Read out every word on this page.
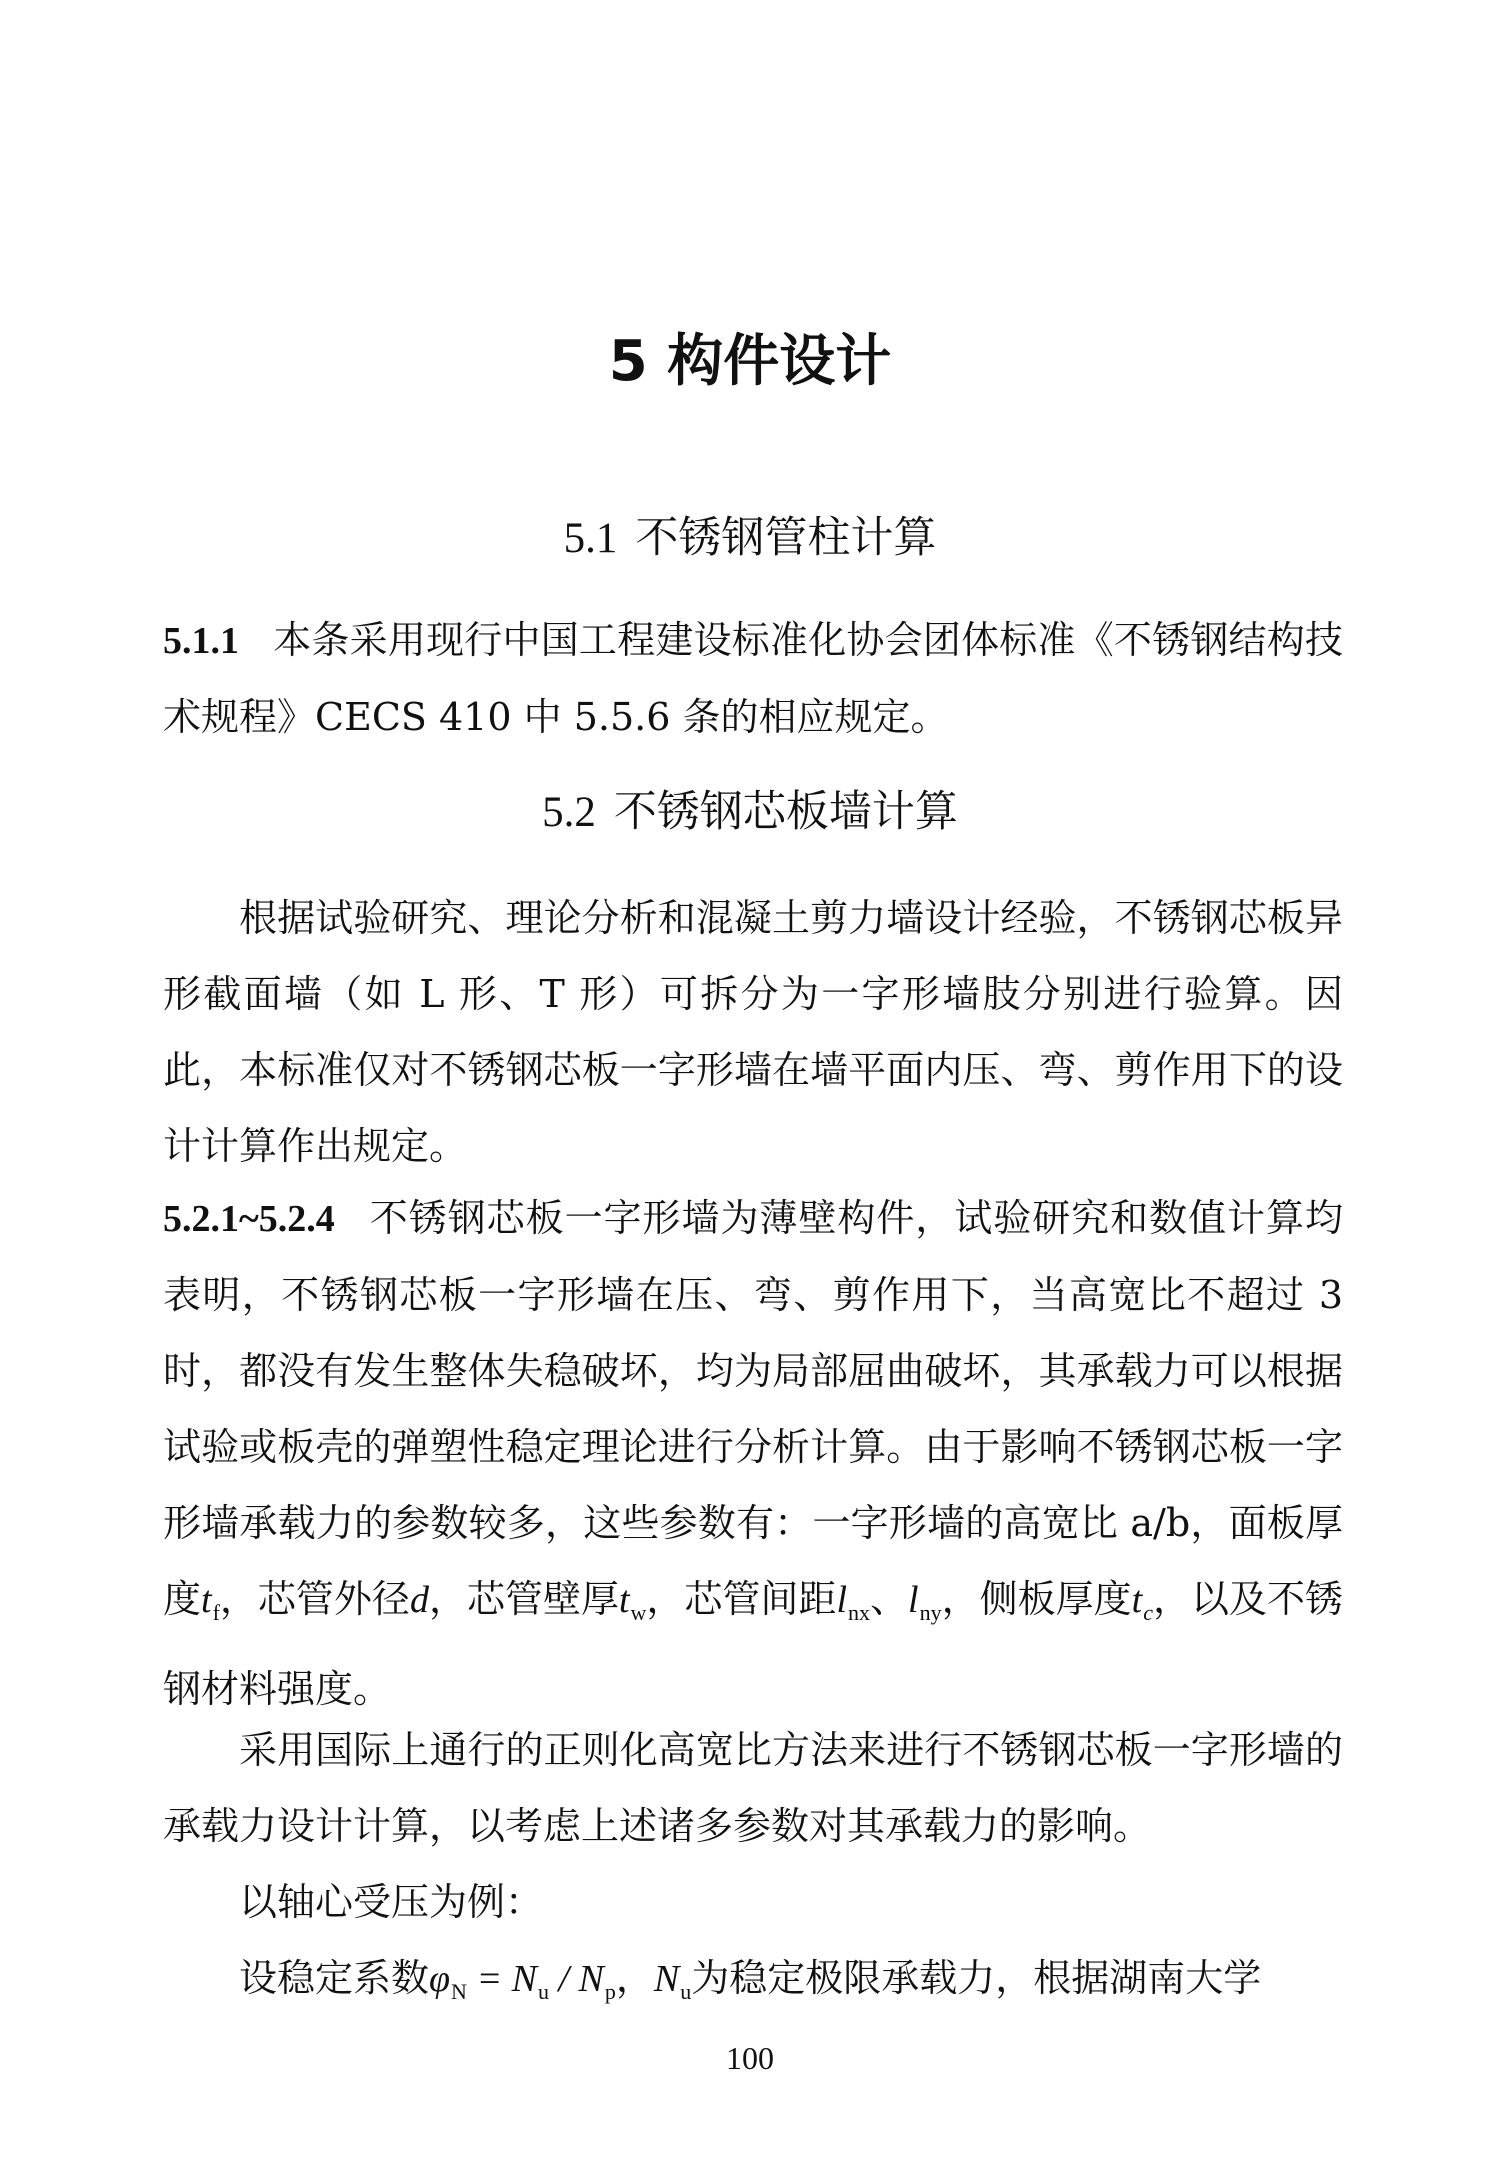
5 构件设计
5.1 不锈钢管柱计算

5.1.1 本条采用现行中国工程建设标准化协会团体标准《不锈钢结构技术规程》CECS 410 中 5.5.6 条的相应规定。

5.2 不锈钢芯板墙计算

根据试验研究、理论分析和混凝土剪力墙设计经验，不锈钢芯板异形截面墙（如 L 形、T 形）可拆分为一字形墙肢分别进行验算。因此，本标准仅对不锈钢芯板一字形墙在墙平面内压、弯、剪作用下的设计计算作出规定。

5.2.1~5.2.4 不锈钢芯板一字形墙为薄壁构件，试验研究和数值计算均表明，不锈钢芯板一字形墙在压、弯、剪作用下，当高宽比不超过 3 时，都没有发生整体失稳破坏，均为局部屈曲破坏，其承载力可以根据试验或板壳的弹塑性稳定理论进行分析计算。由于影响不锈钢芯板一字形墙承载力的参数较多，这些参数有：一字形墙的高宽比 a/b，面板厚度$t_f$，芯管外径d，芯管壁厚$t_w$，芯管间距$l_{nx}$、$l_{ny}$，侧板厚度$t_c$，以及不锈钢材料强度。

采用国际上通行的正则化高宽比方法来进行不锈钢芯板一字形墙的承载力设计计算，以考虑上述诸多参数对其承载力的影响。

以轴心受压为例：

设稳定系数$\varphi_N = N_u / N_p$，$N_u$为稳定极限承载力，根据湖南大学

100
